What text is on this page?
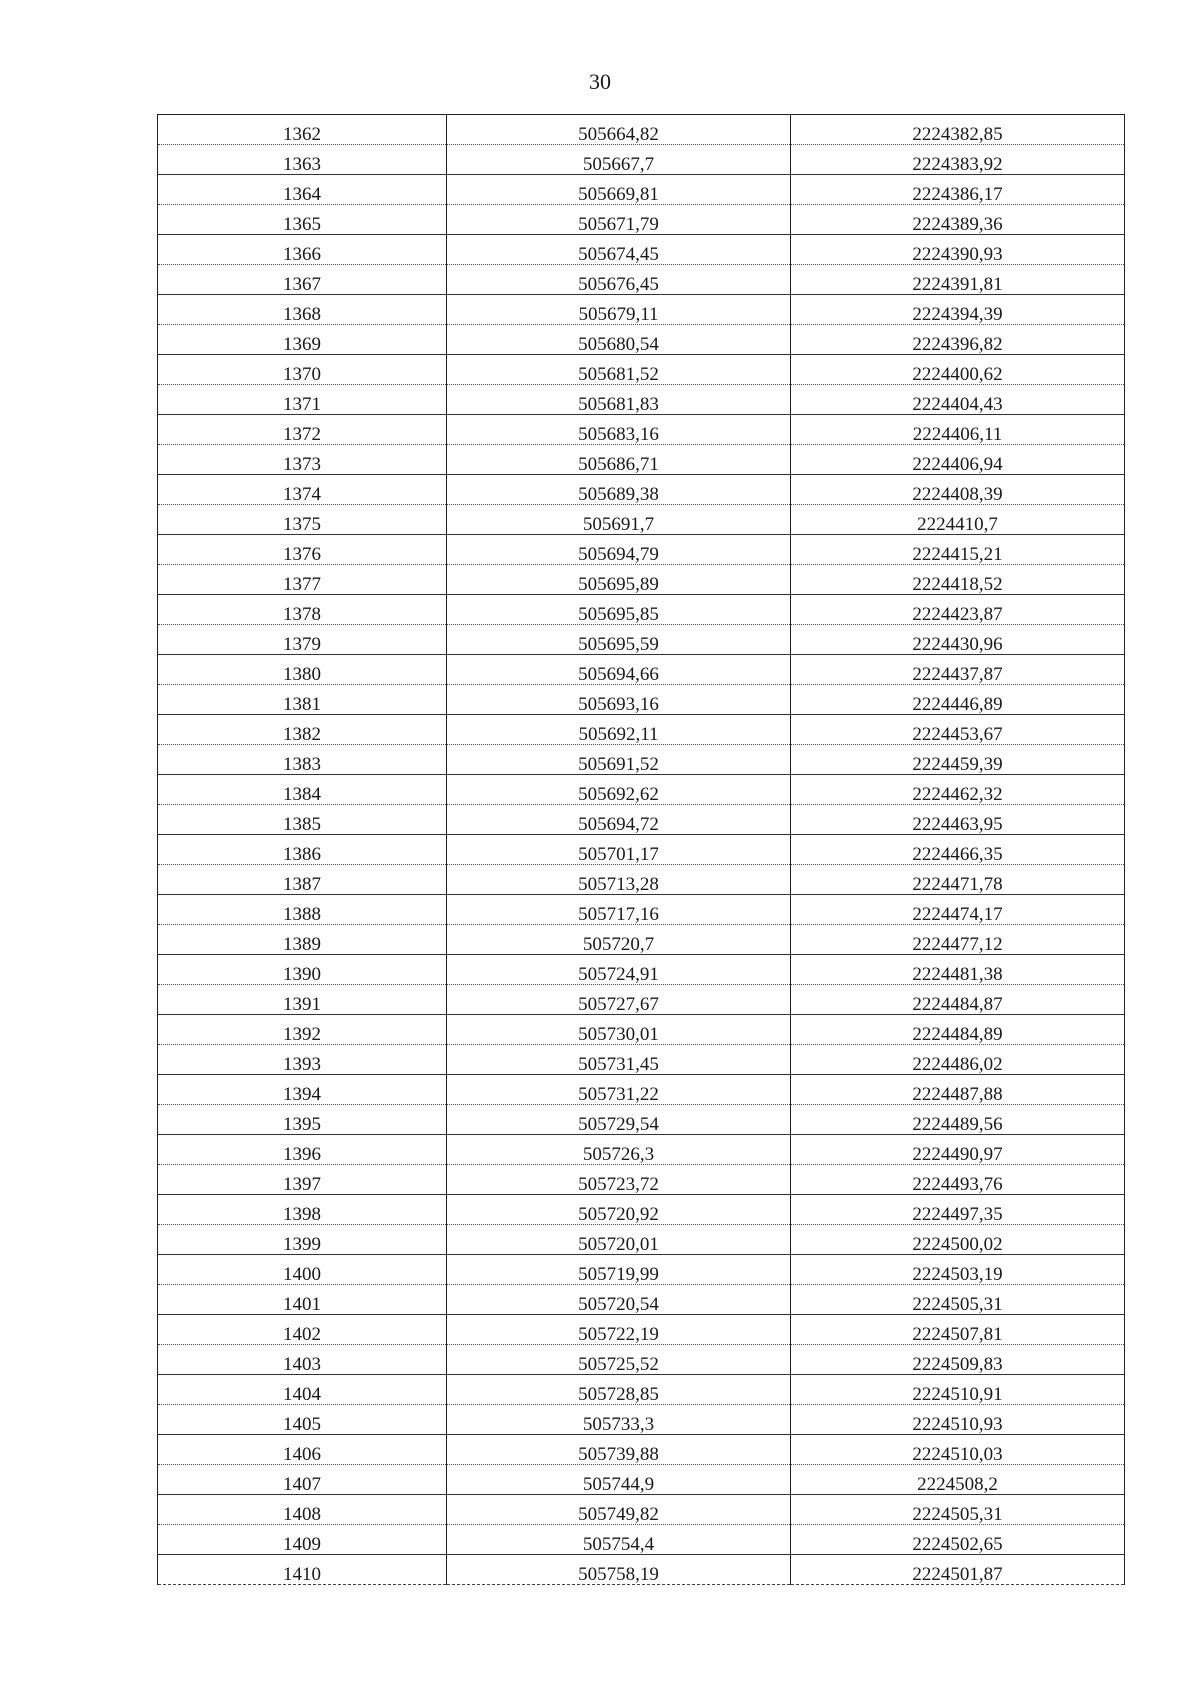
30
1362	505664,82	2224382,85
1363	505667,7	2224383,92
1364	505669,81	2224386,17
1365	505671,79	2224389,36
1366	505674,45	2224390,93
1367	505676,45	2224391,81
1368	505679,11	2224394,39
1369	505680,54	2224396,82
1370	505681,52	2224400,62
1371	505681,83	2224404,43
1372	505683,16	2224406,11
1373	505686,71	2224406,94
1374	505689,38	2224408,39
1375	505691,7	2224410,7
1376	505694,79	2224415,21
1377	505695,89	2224418,52
1378	505695,85	2224423,87
1379	505695,59	2224430,96
1380	505694,66	2224437,87
1381	505693,16	2224446,89
1382	505692,11	2224453,67
1383	505691,52	2224459,39
1384	505692,62	2224462,32
1385	505694,72	2224463,95
1386	505701,17	2224466,35
1387	505713,28	2224471,78
1388	505717,16	2224474,17
1389	505720,7	2224477,12
1390	505724,91	2224481,38
1391	505727,67	2224484,87
1392	505730,01	2224484,89
1393	505731,45	2224486,02
1394	505731,22	2224487,88
1395	505729,54	2224489,56
1396	505726,3	2224490,97
1397	505723,72	2224493,76
1398	505720,92	2224497,35
1399	505720,01	2224500,02
1400	505719,99	2224503,19
1401	505720,54	2224505,31
1402	505722,19	2224507,81
1403	505725,52	2224509,83
1404	505728,85	2224510,91
1405	505733,3	2224510,93
1406	505739,88	2224510,03
1407	505744,9	2224508,2
1408	505749,82	2224505,31
1409	505754,4	2224502,65
1410	505758,19	2224501,87
